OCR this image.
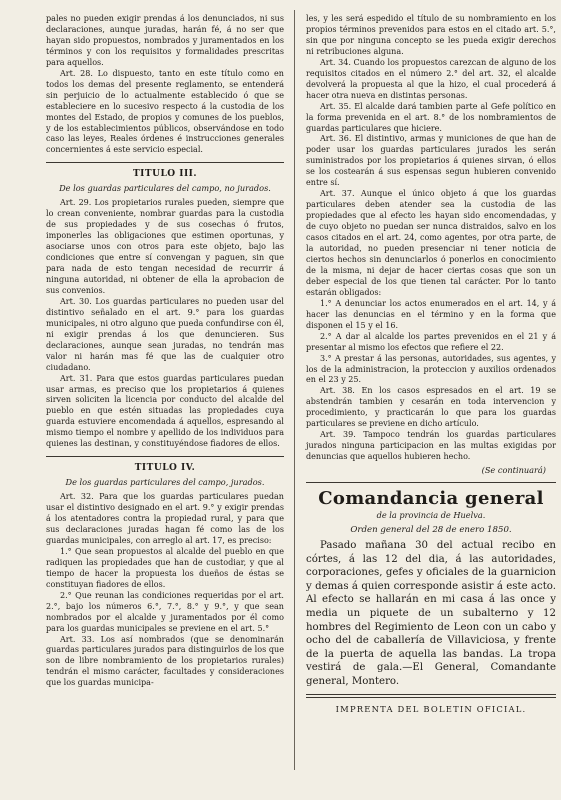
pales no pueden exigir prendas á los denunciados, ni sus declaraciones, aunque juradas, harán fé, á no ser que hayan sido propuestos, nombrados y juramentados en los términos y con los requisitos y formalidades prescritas para aquellos.

Art. 28. Lo dispuesto, tanto en este título como en todos los demas del presente reglamento, se entenderá sin perjuicio de lo actualmente establecido ó que se estableciere en lo sucesivo respecto á la custodia de los montes del Estado, de propios y comunes de los pueblos, y de los establecimientos públicos, observándose en todo caso las leyes, Reales órdenes é instrucciones generales concernientes á este servicio especial.

TITULO III.
De los guardas particulares del campo, no jurados.

Art. 29. Los propietarios rurales pueden, siempre que lo crean conveniente, nombrar guardas para la custodia de sus propiedades y de sus cosechas ó frutos, imponerles las obligaciones que estimen oportunas, y asociarse unos con otros para este objeto, bajo las condiciones que entre sí convengan y paguen, sin que para nada de esto tengan necesidad de recurrir á ninguna autoridad, ni obtener de ella la aprobacion de sus convenios.

Art. 30. Los guardas particulares no pueden usar del distintivo señalado en el art. 9.° para los guardas municipales, ni otro alguno que pueda confundirse con él, ni exigir prendas á los que denuncieren. Sus declaraciones, aunque sean juradas, no tendrán mas valor ni harán mas fé que las de cualquier otro ciudadano.

Art. 31. Para que estos guardas particulares puedan usar armas, es preciso que los propietarios á quienes sirven soliciten la licencia por conducto del alcalde del pueblo en que estén situadas las propiedades cuya guarda estuviere encomendada á aquellos, espresando al mismo tiempo el nombre y apellido de los individuos para quienes las destinan, y constituyéndose fiadores de ellos.

TITULO IV.
De los guardas particulares del campo, jurados.

Art. 32. Para que los guardas particulares puedan usar el distintivo designado en el art. 9.° y exigir prendas á los atentadores contra la propiedad rural, y para que sus declaraciones juradas hagan fé como las de los guardas municipales, con arreglo al art. 17, es preciso:

1.° Que sean propuestos al alcalde del pueblo en que radiquen las propiedades que han de custodiar, y que al tiempo de hacer la propuesta los dueños de éstas se constituyan fiadores de ellos.

2.° Que reunan las condiciones requeridas por el art. 2.°, bajo los números 6.°, 7.°, 8.° y 9.°, y que sean nombrados por el alcalde y juramentados por él como para los guardas municipales se previene en el art. 5.°

Art. 33. Los así nombrados (que se denominarán guardas particulares jurados para distinguirlos de los que son de libre nombramiento de los propietarios rurales) tendrán el mismo carácter, facultades y consideraciones que los guardas municipa-

les, y les será espedido el título de su nombramiento en los propios términos prevenidos para estos en el citado art. 5.°, sin que por ninguna concepto se les pueda exigir derechos ni retribuciones alguna.

Art. 34. Cuando los propuestos carezcan de alguno de los requisitos citados en el número 2.° del art. 32, el alcalde devolverá la propuesta al que la hizo, el cual procederá á hacer otra nueva en distintas personas.

Art. 35. El alcalde dará tambien parte al Gefe político en la forma prevenida en el art. 8.° de los nombramientos de guardas particulares que hiciere.

Art. 36. El distintivo, armas y municiones de que han de poder usar los guardas particulares jurados les serán suministrados por los propietarios á quienes sirvan, ó ellos se los costearán á sus espensas segun hubieren convenido entre sí.

Art. 37. Aunque el único objeto á que los guardas particulares deben atender sea la custodia de las propiedades que al efecto les hayan sido encomendadas, y de cuyo objeto no puedan ser nunca distraidos, salvo en los casos citados en el art. 24, como agentes, por otra parte, de la autoridad, no pueden presenciar ni tener noticia de ciertos hechos sin denunciarlos ó ponerlos en conocimiento de la misma, ni dejar de hacer ciertas cosas que son un deber especial de los que tienen tal carácter. Por lo tanto estarán obligados:

1.° A denunciar los actos enumerados en el art. 14, y á hacer las denuncias en el término y en la forma que disponen el 15 y el 16.

2.° A dar al alcalde los partes prevenidos en el 21 y á presentar al mismo los efectos que refiere el 22.

3.° A prestar á las personas, autoridades, sus agentes, y los de la administracion, la proteccion y auxilios ordenados en el 23 y 25.

Art. 38. En los casos espresados en el art. 19 se abstendrán tambien y cesarán en toda intervencion y procedimiento, y practicarán lo que para los guardas particulares se previene en dicho artículo.

Art. 39. Tampoco tendrán los guardas particulares jurados ninguna participacion en las multas exigidas por denuncias que aquellos hubieren hecho.

(Se continuará)
Comandancia general
de la provincia de Huelva.
Orden general del 28 de enero 1850.

Pasado mañana 30 del actual recibo en córtes, á las 12 del dia, á las autoridades, corporaciones, gefes y oficiales de la guarnicion y demas á quien corresponde asistir á este acto. Al efecto se hallarán en mi casa á las once y media un piquete de un subalterno y 12 hombres del Regimiento de Leon con un cabo y ocho del de caballería de Villaviciosa, y frente de la puerta de aquella las bandas. La tropa vestirá de gala.—El General, Comandante general, Montero.

IMPRENTA DEL BOLETIN OFICIAL.
